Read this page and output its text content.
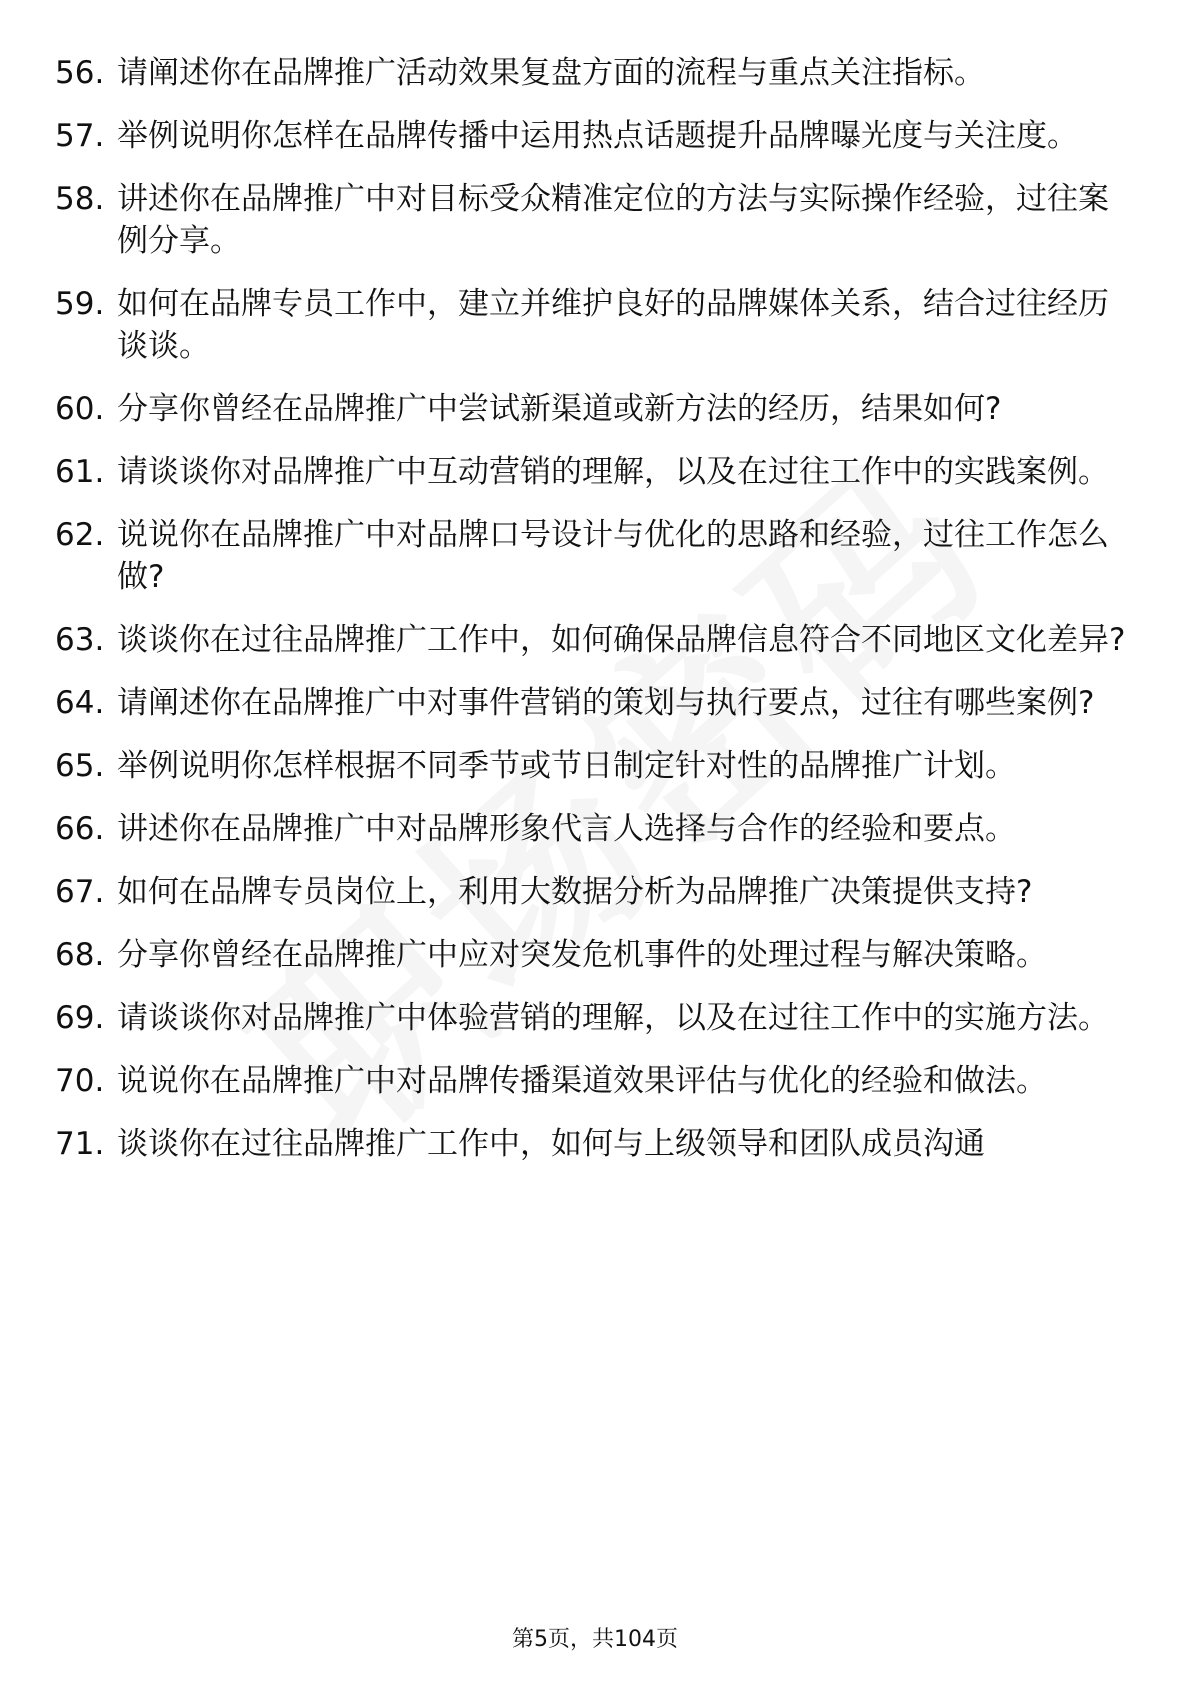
56. 请阐述你在品牌推广活动效果复盘方面的流程与重点关注指标。
57. 举例说明你怎样在品牌传播中运用热点话题提升品牌曝光度与关注度。
58. 讲述你在品牌推广中对目标受众精准定位的方法与实际操作经验，过往案例分享。
59. 如何在品牌专员工作中，建立并维护良好的品牌媒体关系，结合过往经历谈谈。
60. 分享你曾经在品牌推广中尝试新渠道或新方法的经历，结果如何?
61. 请谈谈你对品牌推广中互动营销的理解，以及在过往工作中的实践案例。
62. 说说你在品牌推广中对品牌口号设计与优化的思路和经验，过往工作怎么做?
63. 谈谈你在过往品牌推广工作中，如何确保品牌信息符合不同地区文化差异?
64. 请阐述你在品牌推广中对事件营销的策划与执行要点，过往有哪些案例?
65. 举例说明你怎样根据不同季节或节日制定针对性的品牌推广计划。
66. 讲述你在品牌推广中对品牌形象代言人选择与合作的经验和要点。
67. 如何在品牌专员岗位上，利用大数据分析为品牌推广决策提供支持?
68. 分享你曾经在品牌推广中应对突发危机事件的处理过程与解决策略。
69. 请谈谈你对品牌推广中体验营销的理解，以及在过往工作中的实施方法。
70. 说说你在品牌推广中对品牌传播渠道效果评估与优化的经验和做法。
71. 谈谈你在过往品牌推广工作中，如何与上级领导和团队成员沟通
第5页，共104页
